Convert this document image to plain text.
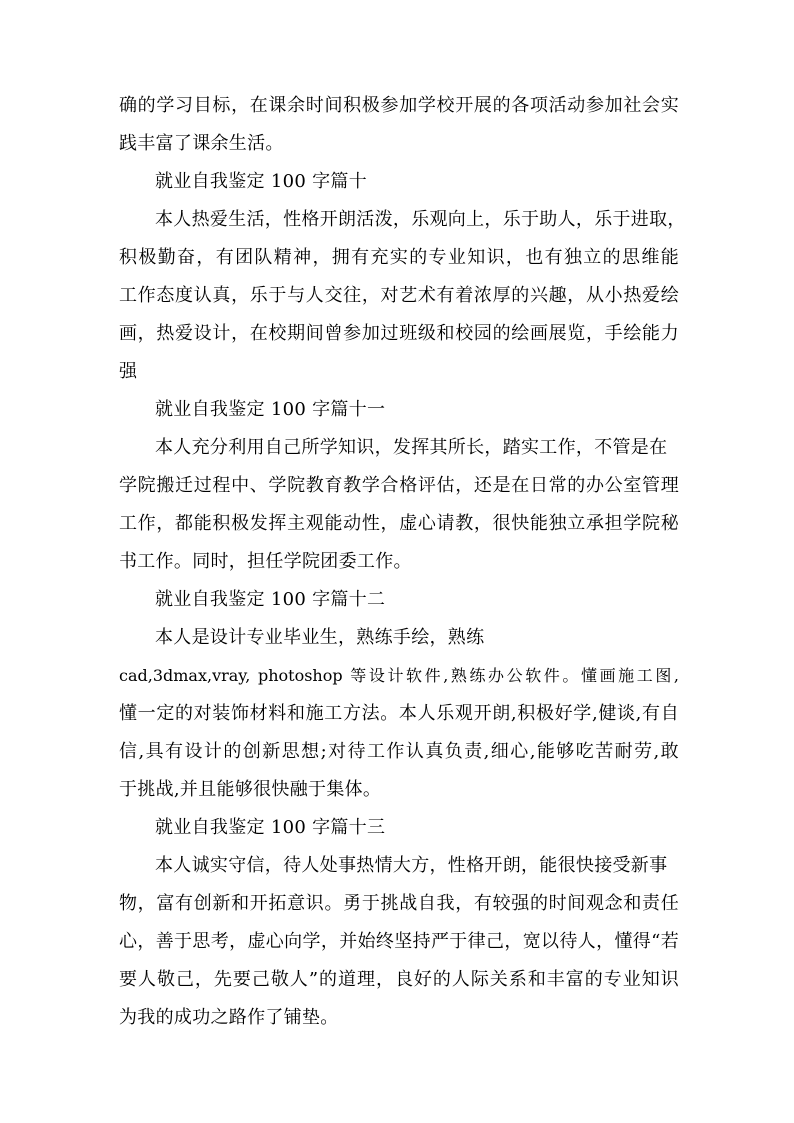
确的学习目标，在课余时间积极参加学校开展的各项活动参加社会实
践丰富了课余生活。
就业自我鉴定 100 字篇十
本人热爱生活，性格开朗活泼，乐观向上，乐于助人，乐于进取，
积极勤奋，有团队精神，拥有充实的专业知识，也有独立的思维能
工作态度认真，乐于与人交往，对艺术有着浓厚的兴趣，从小热爱绘
画，热爱设计，在校期间曾参加过班级和校园的绘画展览，手绘能力
强
就业自我鉴定 100 字篇十一
本人充分利用自己所学知识，发挥其所长，踏实工作，不管是在
学院搬迁过程中、学院教育教学合格评估，还是在日常的办公室管理
工作，都能积极发挥主观能动性，虚心请教，很快能独立承担学院秘
书工作。同时，担任学院团委工作。
就业自我鉴定 100 字篇十二
本人是设计专业毕业生，熟练手绘，熟练
cad,3dmax,vray, photoshop 等设计软件,熟练办公软件。懂画施工图,
懂一定的对装饰材料和施工方法。本人乐观开朗,积极好学,健谈,有自
信,具有设计的创新思想;对待工作认真负责,细心,能够吃苦耐劳,敢
于挑战,并且能够很快融于集体。
就业自我鉴定 100 字篇十三
本人诚实守信，待人处事热情大方，性格开朗，能很快接受新事
物，富有创新和开拓意识。勇于挑战自我，有较强的时间观念和责任
心，善于思考，虚心向学，并始终坚持严于律己，宽以待人，懂得“若
要人敬己，先要己敬人”的道理，良好的人际关系和丰富的专业知识
为我的成功之路作了铺垫。
